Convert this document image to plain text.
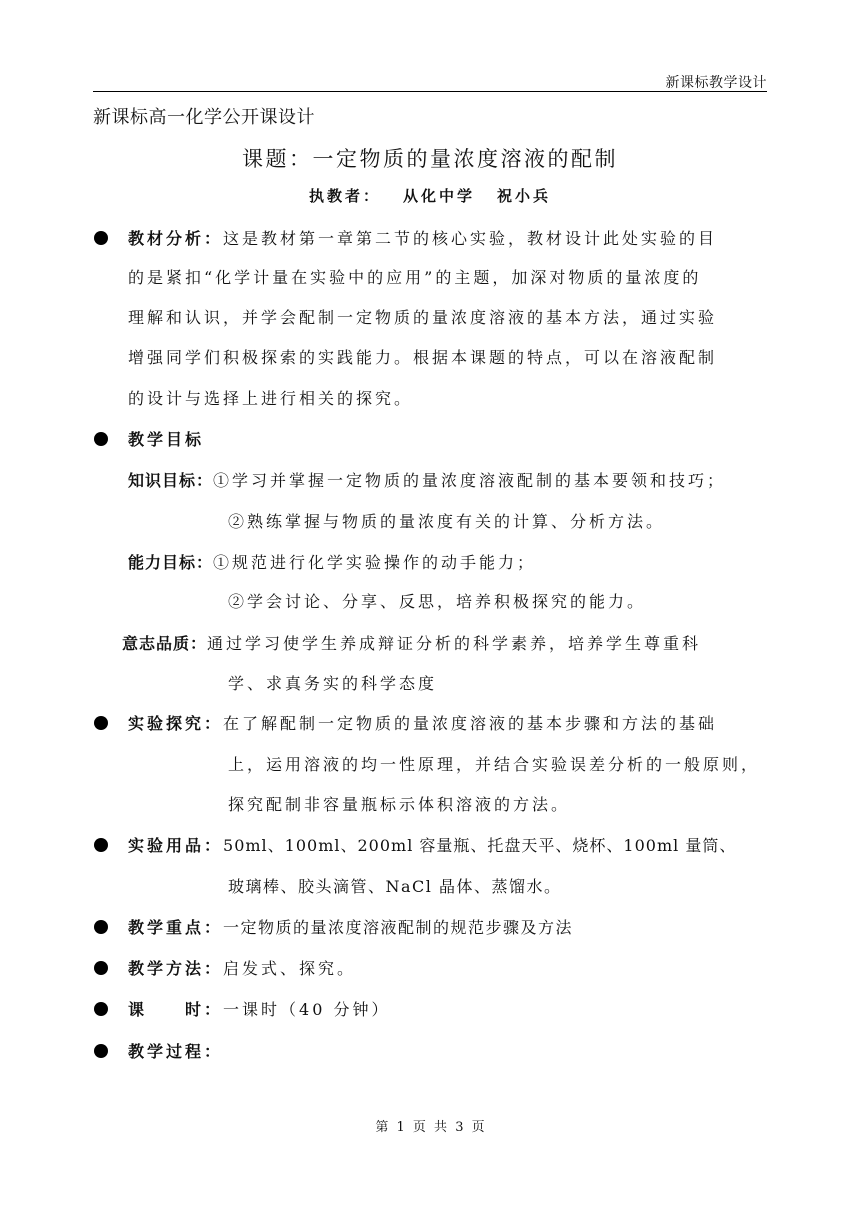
新课标教学设计
新课标高一化学公开课设计
课题：一定物质的量浓度溶液的配制
执教者： 从化中学 祝小兵
教材分析：这是教材第一章第二节的核心实验，教材设计此处实验的目
的是紧扣“化学计量在实验中的应用”的主题，加深对物质的量浓度的
理解和认识，并学会配制一定物质的量浓度溶液的基本方法，通过实验
增强同学们积极探索的实践能力。根据本课题的特点，可以在溶液配制
的设计与选择上进行相关的探究。
教学目标
知识目标：①学习并掌握一定物质的量浓度溶液配制的基本要领和技巧；
②熟练掌握与物质的量浓度有关的计算、分析方法。
能力目标：①规范进行化学实验操作的动手能力；
②学会讨论、分享、反思，培养积极探究的能力。
意志品质：通过学习使学生养成辩证分析的科学素养，培养学生尊重科
学、求真务实的科学态度
实验探究：在了解配制一定物质的量浓度溶液的基本步骤和方法的基础
上，运用溶液的均一性原理，并结合实验误差分析的一般原则，
探究配制非容量瓶标示体积溶液的方法。
实验用品：50ml、100ml、200ml 容量瓶、托盘天平、烧杯、100ml 量筒、
玻璃棒、胶头滴管、NaCl 晶体、蒸馏水。
教学重点：一定物质的量浓度溶液配制的规范步骤及方法
教学方法：启发式、探究。
课　　时：一课时（40 分钟）
教学过程：
第 1 页 共 3 页
